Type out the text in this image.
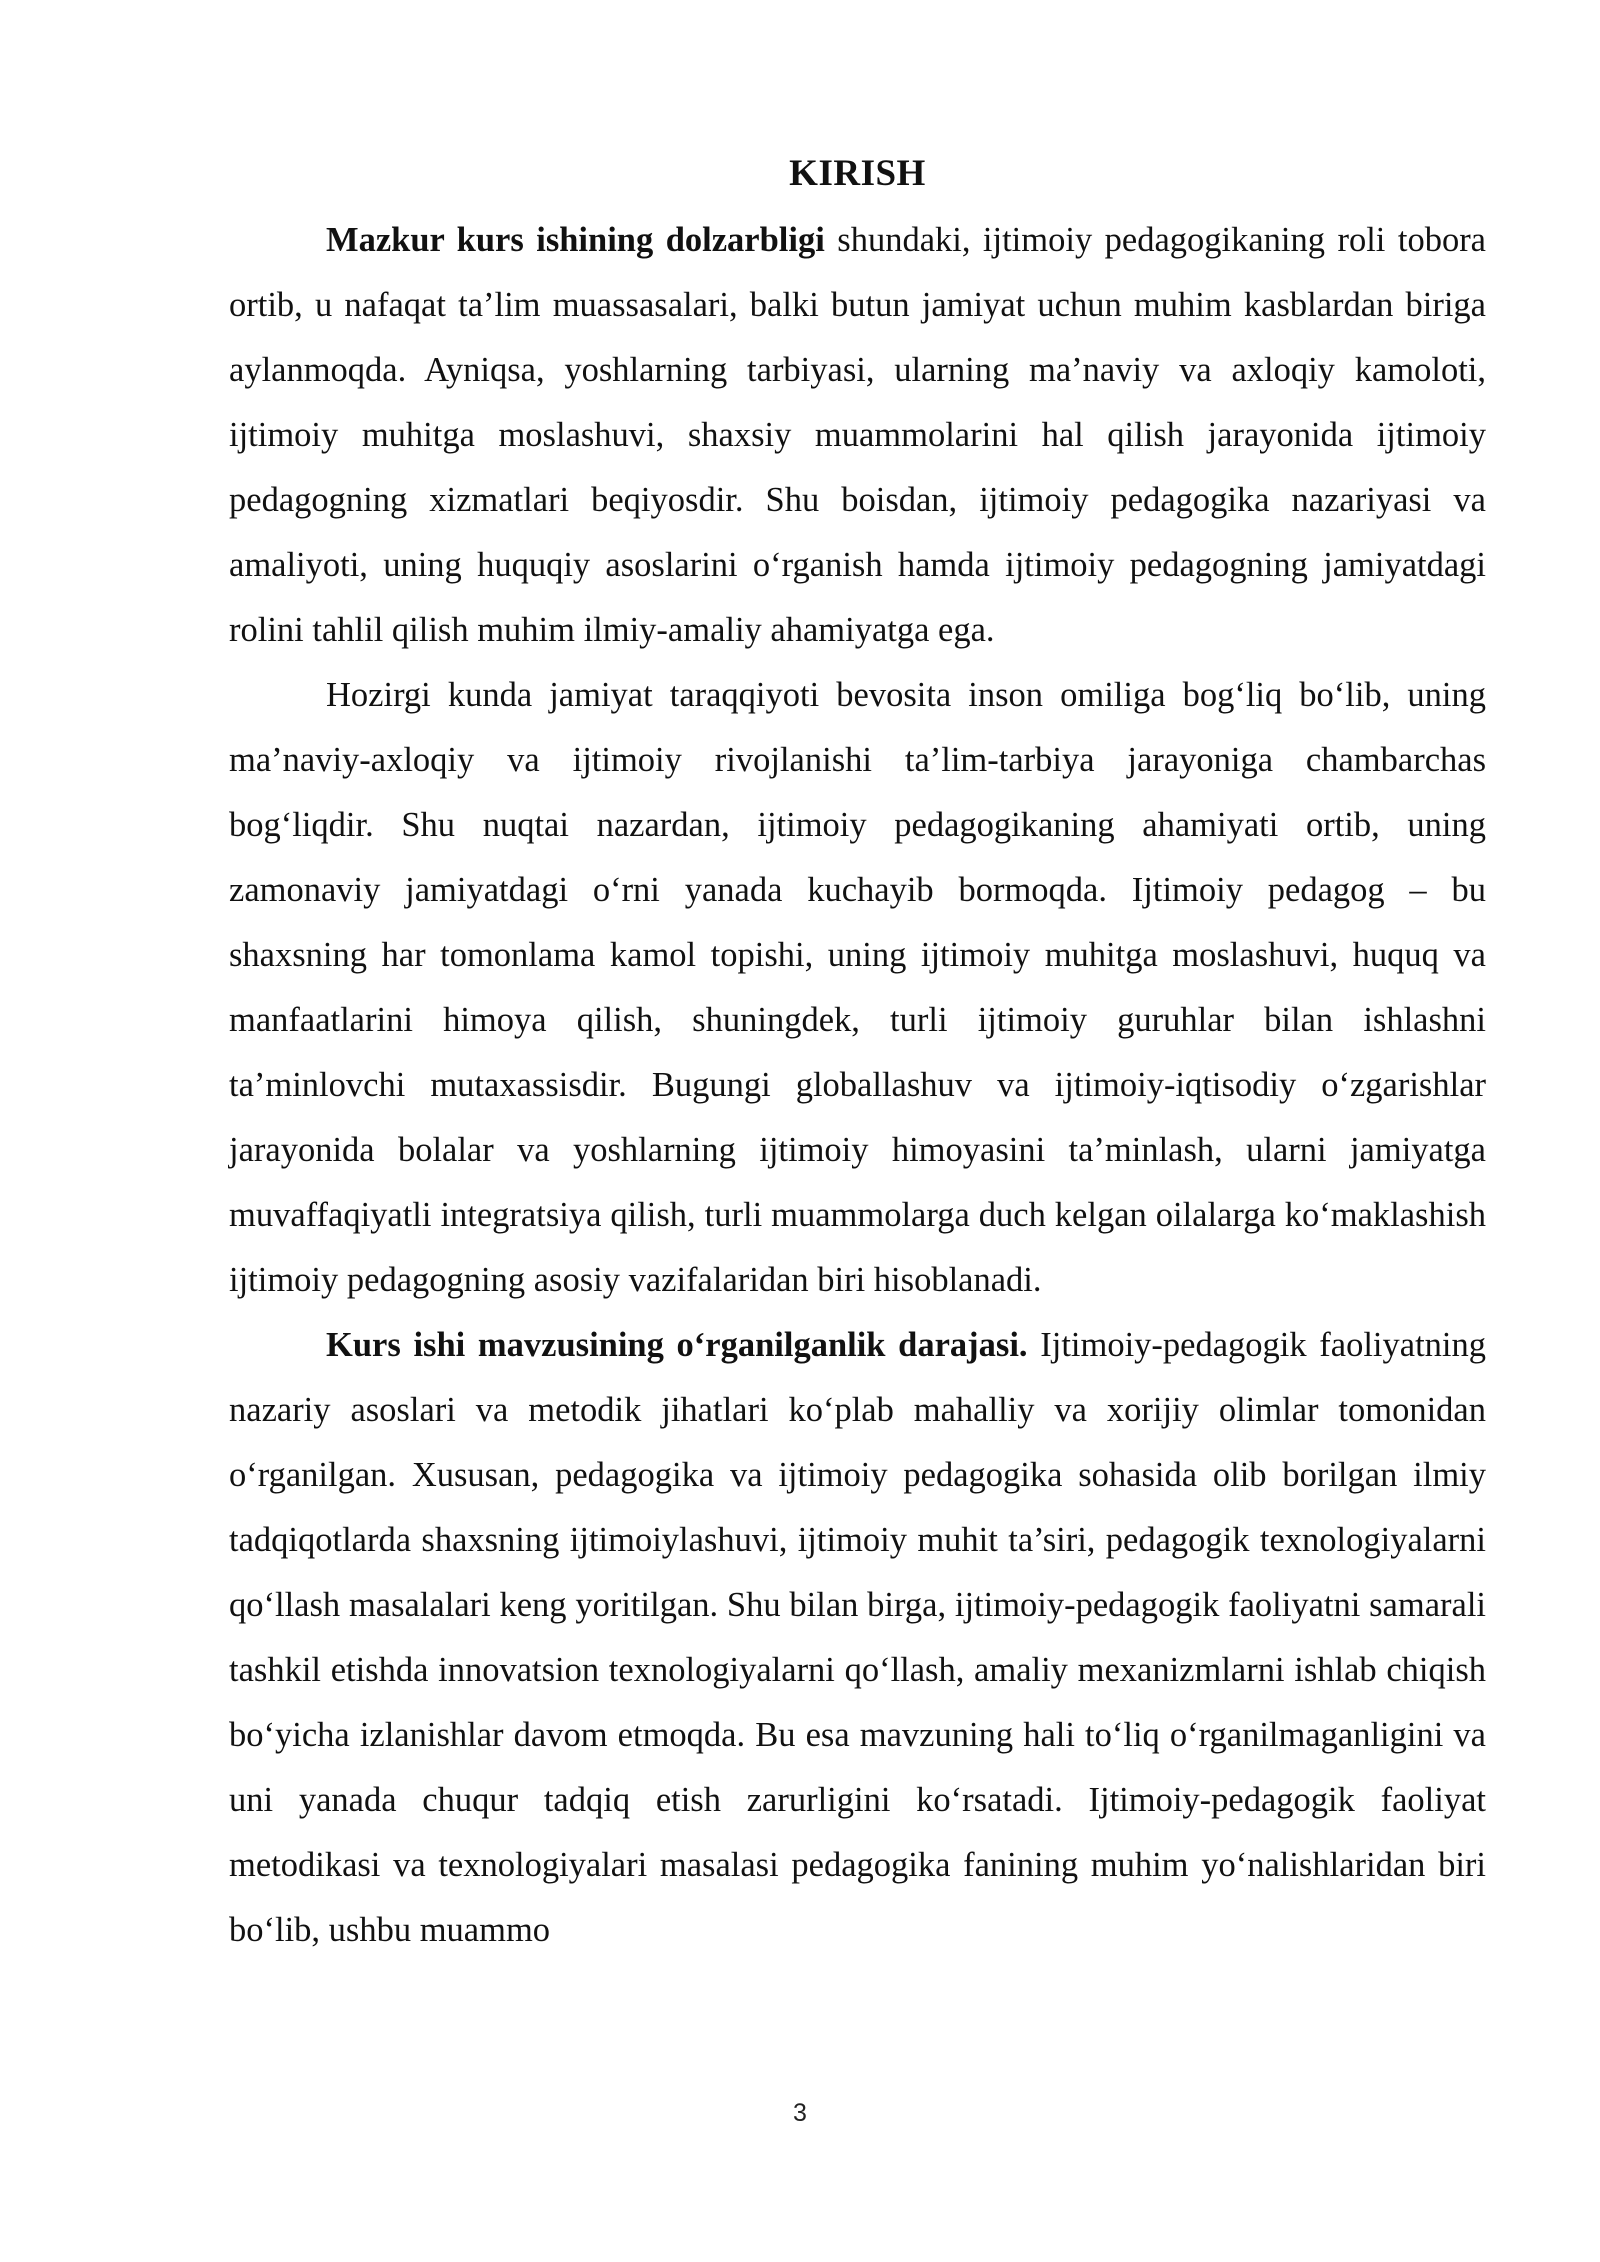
KIRISH

Mazkur kurs ishining dolzarbligi shundaki, ijtimoiy pedagogikaning roli tobora ortib, u nafaqat ta’lim muassasalari, balki butun jamiyat uchun muhim kasblardan biriga aylanmoqda. Ayniqsa, yoshlarning tarbiyasi, ularning ma’naviy va axloqiy kamoloti, ijtimoiy muhitga moslashuvi, shaxsiy muammolarini hal qilish jarayonida ijtimoiy pedagogning xizmatlari beqiyosdir. Shu boisdan, ijtimoiy pedagogika nazariyasi va amaliyoti, uning huquqiy asoslarini o‘rganish hamda ijtimoiy pedagogning jamiyatdagi rolini tahlil qilish muhim ilmiy-amaliy ahamiyatga ega.

Hozirgi kunda jamiyat taraqqiyoti bevosita inson omiliga bog‘liq bo‘lib, uning ma’naviy-axloqiy va ijtimoiy rivojlanishi ta’lim-tarbiya jarayoniga chambarchas bog‘liqdir. Shu nuqtai nazardan, ijtimoiy pedagogikaning ahamiyati ortib, uning zamonaviy jamiyatdagi o‘rni yanada kuchayib bormoqda. Ijtimoiy pedagog – bu shaxsning har tomonlama kamol topishi, uning ijtimoiy muhitga moslashuvi, huquq va manfaatlarini himoya qilish, shuningdek, turli ijtimoiy guruhlar bilan ishlashni ta’minlovchi mutaxassisdir. Bugungi globallashuv va ijtimoiy-iqtisodiy o‘zgarishlar jarayonida bolalar va yoshlarning ijtimoiy himoyasini ta’minlash, ularni jamiyatga muvaffaqiyatli integratsiya qilish, turli muammolarga duch kelgan oilalarga ko‘maklashish ijtimoiy pedagogning asosiy vazifalaridan biri hisoblanadi.

Kurs ishi mavzusining o‘rganilganlik darajasi. Ijtimoiy-pedagogik faoliyatning nazariy asoslari va metodik jihatlari ko‘plab mahalliy va xorijiy olimlar tomonidan o‘rganilgan. Xususan, pedagogika va ijtimoiy pedagogika sohasida olib borilgan ilmiy tadqiqotlarda shaxsning ijtimoiylashuvi, ijtimoiy muhit ta’siri, pedagogik texnologiyalarni qo‘llash masalalari keng yoritilgan. Shu bilan birga, ijtimoiy-pedagogik faoliyatni samarali tashkil etishda innovatsion texnologiyalarni qo‘llash, amaliy mexanizmlarni ishlab chiqish bo‘yicha izlanishlar davom etmoqda. Bu esa mavzuning hali to‘liq o‘rganilmaganligini va uni yanada chuqur tadqiq etish zarurligini ko‘rsatadi. Ijtimoiy-pedagogik faoliyat metodikasi va texnologiyalari masalasi pedagogika fanining muhim yo‘nalishlaridan biri bo‘lib, ushbu muammo

3
